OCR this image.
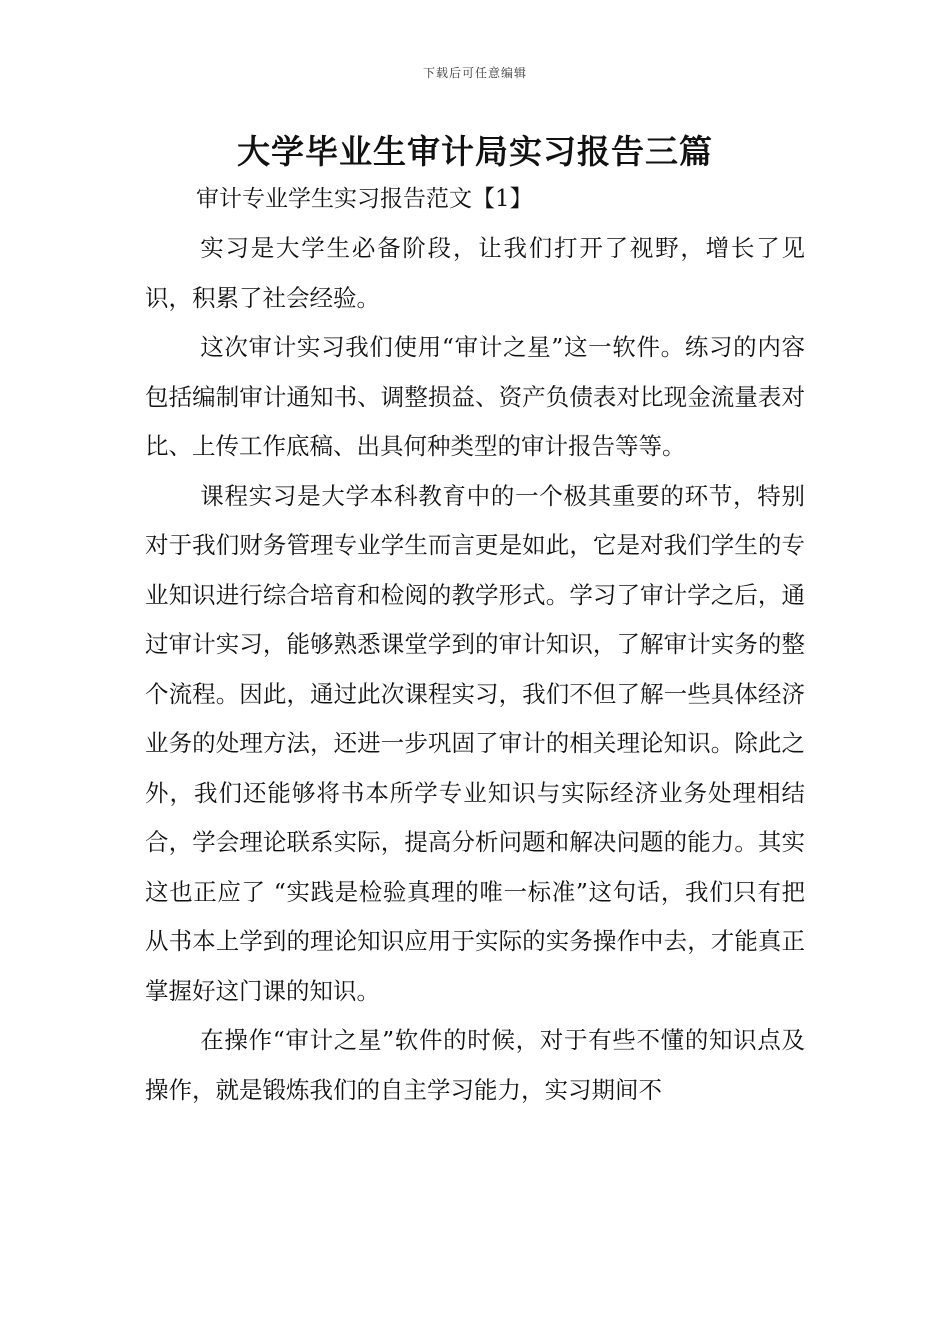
下载后可任意编辑
大学毕业生审计局实习报告三篇

审计专业学生实习报告范文【1】

实习是大学生必备阶段，让我们打开了视野，增长了见识，积累了社会经验。

这次审计实习我们使用“审计之星”这一软件。练习的内容包括编制审计通知书、调整损益、资产负债表对比现金流量表对比、上传工作底稿、出具何种类型的审计报告等等。

课程实习是大学本科教育中的一个极其重要的环节，特别对于我们财务管理专业学生而言更是如此，它是对我们学生的专业知识进行综合培育和检阅的教学形式。学习了审计学之后，通过审计实习，能够熟悉课堂学到的审计知识，了解审计实务的整个流程。因此，通过此次课程实习，我们不但了解一些具体经济业务的处理方法，还进一步巩固了审计的相关理论知识。除此之外，我们还能够将书本所学专业知识与实际经济业务处理相结合，学会理论联系实际，提高分析问题和解决问题的能力。其实这也正应了 “实践是检验真理的唯一标准”这句话，我们只有把从书本上学到的理论知识应用于实际的实务操作中去，才能真正掌握好这门课的知识。

在操作“审计之星”软件的时候，对于有些不懂的知识点及操作，就是锻炼我们的自主学习能力，实习期间不
